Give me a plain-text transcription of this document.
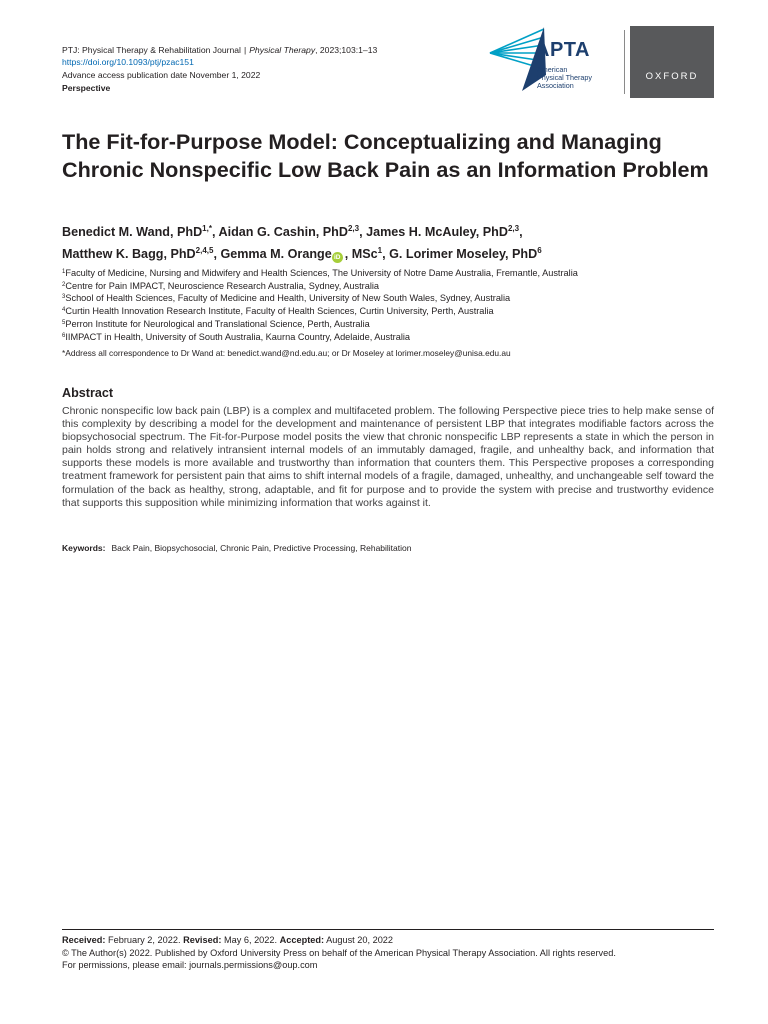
PTJ: Physical Therapy & Rehabilitation Journal | Physical Therapy, 2023;103:1–13
https://doi.org/10.1093/ptj/pzac151
Advance access publication date November 1, 2022
Perspective
APTA
American
Physical Therapy
Association
OXFORD
The Fit-for-Purpose Model: Conceptualizing and Managing Chronic Nonspecific Low Back Pain as an Information Problem
Benedict M. Wand, PhD$^{1,*}$, Aidan G. Cashin, PhD$^{2,3}$, James H. McAuley, PhD$^{2,3}$,
Matthew K. Bagg, PhD$^{2,4,5}$, Gemma M. Orange iD , MSc$^1$, G. Lorimer Moseley, PhD$^6$
$^1$Faculty of Medicine, Nursing and Midwifery and Health Sciences, The University of Notre Dame Australia, Fremantle, Australia
$^2$Centre for Pain IMPACT, Neuroscience Research Australia, Sydney, Australia
$^3$School of Health Sciences, Faculty of Medicine and Health, University of New South Wales, Sydney, Australia
$^4$Curtin Health Innovation Research Institute, Faculty of Health Sciences, Curtin University, Perth, Australia
$^5$Perron Institute for Neurological and Translational Science, Perth, Australia
$^6$IIMPACT in Health, University of South Australia, Kaurna Country, Adelaide, Australia
*Address all correspondence to Dr Wand at: benedict.wand@nd.edu.au; or Dr Moseley at lorimer.moseley@unisa.edu.au
Abstract

Chronic nonspecific low back pain (LBP) is a complex and multifaceted problem. The following Perspective piece tries to help make sense of this complexity by describing a model for the development and maintenance of persistent LBP that integrates modifiable factors across the biopsychosocial spectrum. The Fit-for-Purpose model posits the view that chronic nonspecific LBP represents a state in which the person in pain holds strong and relatively intransient internal models of an immutably damaged, fragile, and unhealthy back, and information that supports these models is more available and trustworthy than information that counters them. This Perspective proposes a corresponding treatment framework for persistent pain that aims to shift internal models of a fragile, damaged, unhealthy, and unchangeable self toward the formulation of the back as healthy, strong, adaptable, and fit for purpose and to provide the system with precise and trustworthy evidence that supports this supposition while minimizing information that works against it.

Keywords: Back Pain, Biopsychosocial, Chronic Pain, Predictive Processing, Rehabilitation
Received: February 2, 2022. Revised: May 6, 2022. Accepted: August 20, 2022
© The Author(s) 2022. Published by Oxford University Press on behalf of the American Physical Therapy Association. All rights reserved.
For permissions, please email: journals.permissions@oup.com
